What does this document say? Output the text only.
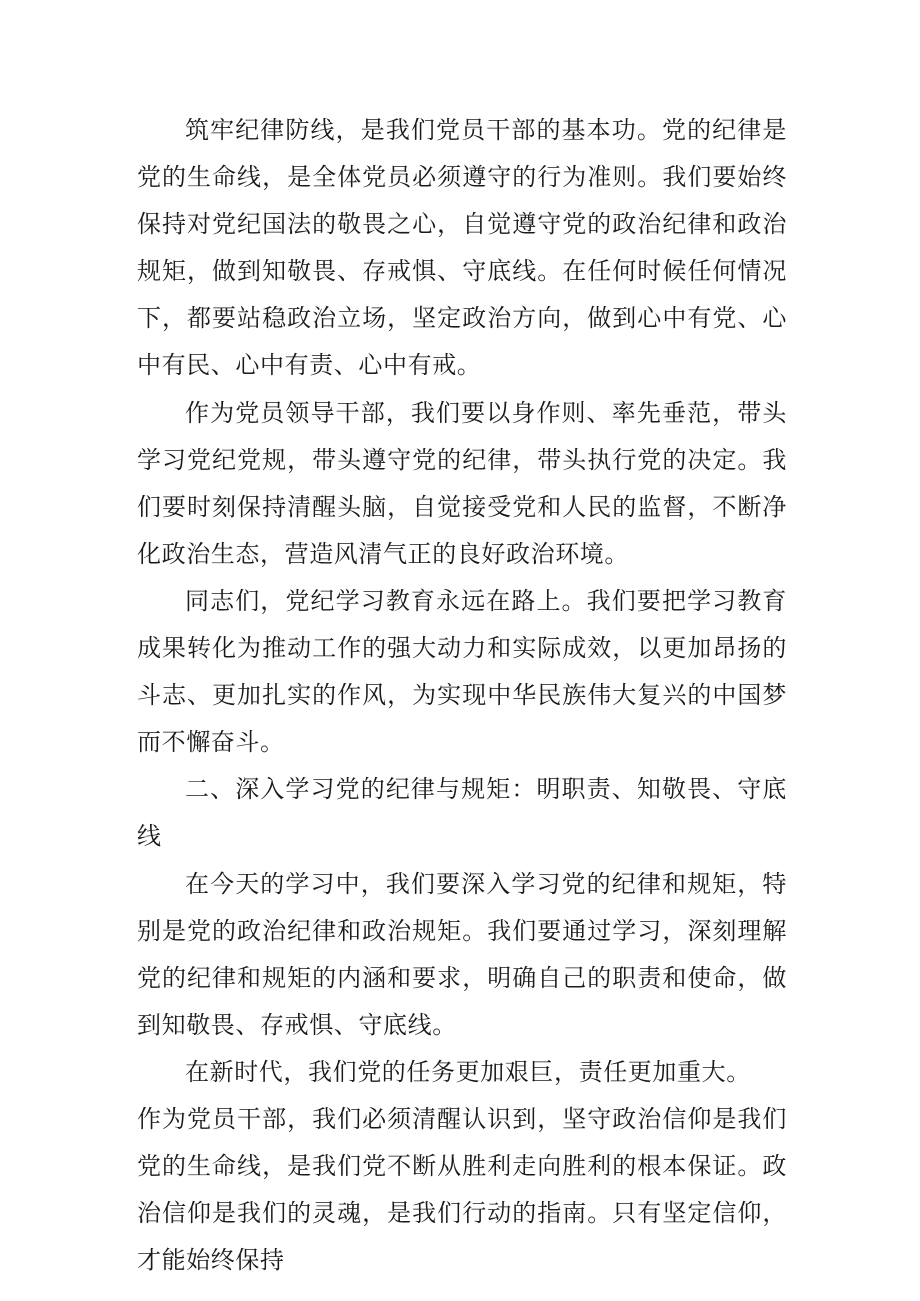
筑牢纪律防线，是我们党员干部的基本功。党的纪律是党的生命线，是全体党员必须遵守的行为准则。我们要始终保持对党纪国法的敬畏之心，自觉遵守党的政治纪律和政治规矩，做到知敬畏、存戒惧、守底线。在任何时候任何情况下，都要站稳政治立场，坚定政治方向，做到心中有党、心中有民、心中有责、心中有戒。

作为党员领导干部，我们要以身作则、率先垂范，带头学习党纪党规，带头遵守党的纪律，带头执行党的决定。我们要时刻保持清醒头脑，自觉接受党和人民的监督，不断净化政治生态，营造风清气正的良好政治环境。

同志们，党纪学习教育永远在路上。我们要把学习教育成果转化为推动工作的强大动力和实际成效，以更加昂扬的斗志、更加扎实的作风，为实现中华民族伟大复兴的中国梦而不懈奋斗。

二、深入学习党的纪律与规矩：明职责、知敬畏、守底线

在今天的学习中，我们要深入学习党的纪律和规矩，特别是党的政治纪律和政治规矩。我们要通过学习，深刻理解党的纪律和规矩的内涵和要求，明确自己的职责和使命，做到知敬畏、存戒惧、守底线。

在新时代，我们党的任务更加艰巨，责任更加重大。

作为党员干部，我们必须清醒认识到，坚守政治信仰是我们党的生命线，是我们党不断从胜利走向胜利的根本保证。政治信仰是我们的灵魂，是我们行动的指南。只有坚定信仰，才能始终保持
